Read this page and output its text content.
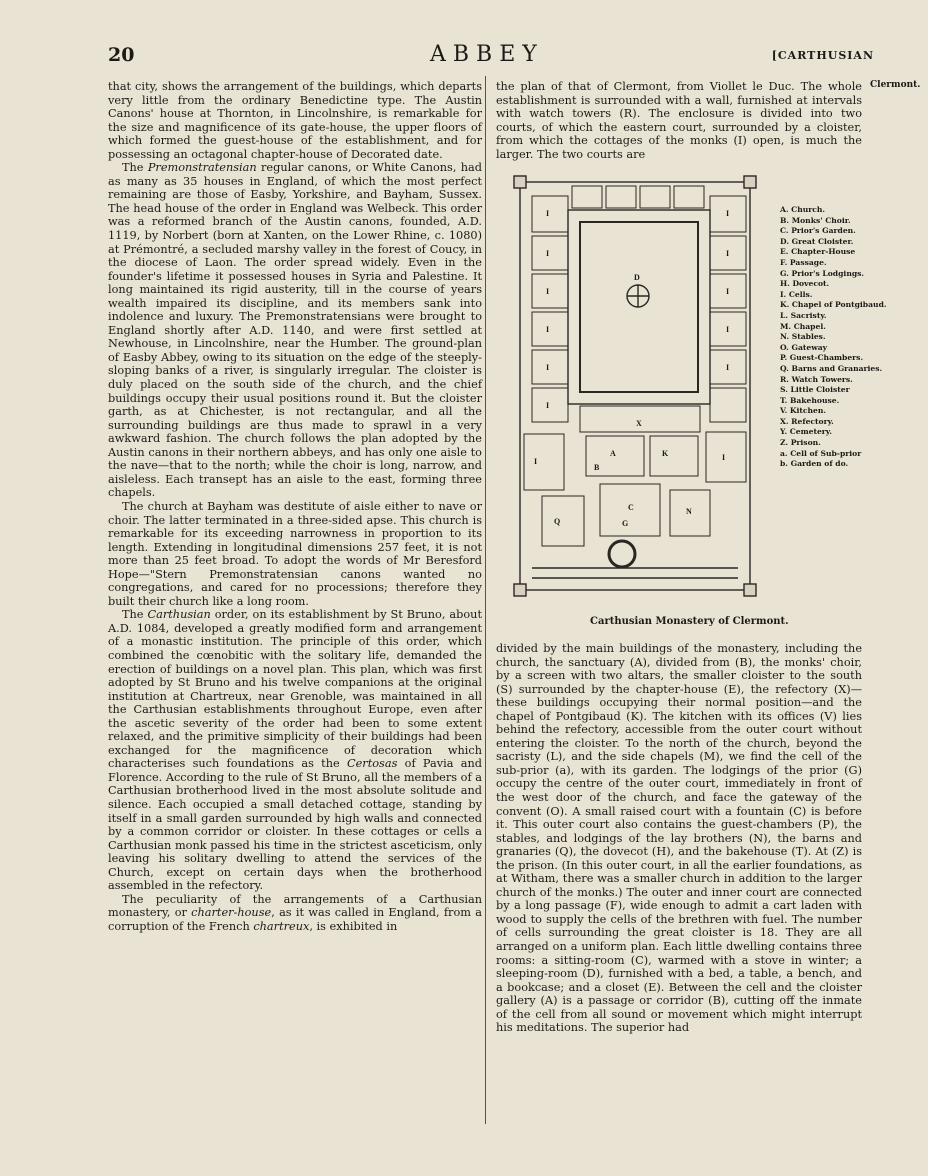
20	ABBEY	[CARTHUSIAN
Clermont.

that city, shows the arrangement of the buildings, which departs very little from the ordinary Benedictine type. The Austin Canons' house at Thornton, in Lincolnshire, is remarkable for the size and magnificence of its gate-house, the upper floors of which formed the guest-house of the establishment, and for possessing an octagonal chapter-house of Decorated date.

The Premonstratensian regular canons, or White Canons, had as many as 35 houses in England, of which the most perfect remaining are those of Easby, Yorkshire, and Bayham, Sussex. The head house of the order in England was Welbeck. This order was a reformed branch of the Austin canons, founded, A.D. 1119, by Norbert (born at Xanten, on the Lower Rhine, c. 1080) at Prémontré, a secluded marshy valley in the forest of Coucy, in the diocese of Laon. The order spread widely. Even in the founder's lifetime it possessed houses in Syria and Palestine. It long maintained its rigid austerity, till in the course of years wealth impaired its discipline, and its members sank into indolence and luxury. The Premonstratensians were brought to England shortly after A.D. 1140, and were first settled at Newhouse, in Lincolnshire, near the Humber. The ground-plan of Easby Abbey, owing to its situation on the edge of the steeply-sloping banks of a river, is singularly irregular. The cloister is duly placed on the south side of the church, and the chief buildings occupy their usual positions round it. But the cloister garth, as at Chichester, is not rectangular, and all the surrounding buildings are thus made to sprawl in a very awkward fashion. The church follows the plan adopted by the Austin canons in their northern abbeys, and has only one aisle to the nave—that to the north; while the choir is long, narrow, and aisleless. Each transept has an aisle to the east, forming three chapels.

The church at Bayham was destitute of aisle either to nave or choir. The latter terminated in a three-sided apse. This church is remarkable for its exceeding narrowness in proportion to its length. Extending in longitudinal dimensions 257 feet, it is not more than 25 feet broad. To adopt the words of Mr Beresford Hope—"Stern Premonstratensian canons wanted no congregations, and cared for no processions; therefore they built their church like a long room.

The Carthusian order, on its establishment by St Bruno, about A.D. 1084, developed a greatly modified form and arrangement of a monastic institution. The principle of this order, which combined the cœnobitic with the solitary life, demanded the erection of buildings on a novel plan. This plan, which was first adopted by St Bruno and his twelve companions at the original institution at Chartreux, near Grenoble, was maintained in all the Carthusian establishments throughout Europe, even after the ascetic severity of the order had been to some extent relaxed, and the primitive simplicity of their buildings had been exchanged for the magnificence of decoration which characterises such foundations as the Certosas of Pavia and Florence. According to the rule of St Bruno, all the members of a Carthusian brotherhood lived in the most absolute solitude and silence. Each occupied a small detached cottage, standing by itself in a small garden surrounded by high walls and connected by a common corridor or cloister. In these cottages or cells a Carthusian monk passed his time in the strictest asceticism, only leaving his solitary dwelling to attend the services of the Church, except on certain days when the brotherhood assembled in the refectory.

The peculiarity of the arrangements of a Carthusian monastery, or charter-house, as it was called in England, from a corruption of the French chartreux, is exhibited in

the plan of that of Clermont, from Viollet le Duc. The whole establishment is surrounded with a wall, furnished at intervals with watch towers (R). The enclosure is divided into two courts, of which the eastern court, surrounded by a cloister, from which the cottages of the monks (I) open, is much the larger. The two courts are

I
I
I
I
I
I
I
I
I
I
I
D
X
A
B
K
I
C
G
Q
N
I
A. Church.
B. Monks' Choir.
C. Prior's Garden.
D. Great Cloister.
E. Chapter-House
F. Passage.
G. Prior's Lodgings.
H. Dovecot.
I. Cells.
K. Chapel of Pontgibaud.
L. Sacristy.
M. Chapel.
N. Stables.
O. Gateway
P. Guest-Chambers.
Q. Barns and Granaries.
R. Watch Towers.
S. Little Cloister
T. Bakehouse.
V. Kitchen.
X. Refectory.
Y. Cemetery.
Z. Prison.
a. Cell of Sub-prior
b. Garden of do.
Carthusian Monastery of Clermont.

divided by the main buildings of the monastery, including the church, the sanctuary (A), divided from (B), the monks' choir, by a screen with two altars, the smaller cloister to the south (S) surrounded by the chapter-house (E), the refectory (X)—these buildings occupying their normal position—and the chapel of Pontgibaud (K). The kitchen with its offices (V) lies behind the refectory, accessible from the outer court without entering the cloister. To the north of the church, beyond the sacristy (L), and the side chapels (M), we find the cell of the sub-prior (a), with its garden. The lodgings of the prior (G) occupy the centre of the outer court, immediately in front of the west door of the church, and face the gateway of the convent (O). A small raised court with a fountain (C) is before it. This outer court also contains the guest-chambers (P), the stables, and lodgings of the lay brothers (N), the barns and granaries (Q), the dovecot (H), and the bakehouse (T). At (Z) is the prison. (In this outer court, in all the earlier foundations, as at Witham, there was a smaller church in addition to the larger church of the monks.) The outer and inner court are connected by a long passage (F), wide enough to admit a cart laden with wood to supply the cells of the brethren with fuel. The number of cells surrounding the great cloister is 18. They are all arranged on a uniform plan. Each little dwelling contains three rooms: a sitting-room (C), warmed with a stove in winter; a sleeping-room (D), furnished with a bed, a table, a bench, and a bookcase; and a closet (E). Between the cell and the cloister gallery (A) is a passage or corridor (B), cutting off the inmate of the cell from all sound or movement which might interrupt his meditations. The superior had
